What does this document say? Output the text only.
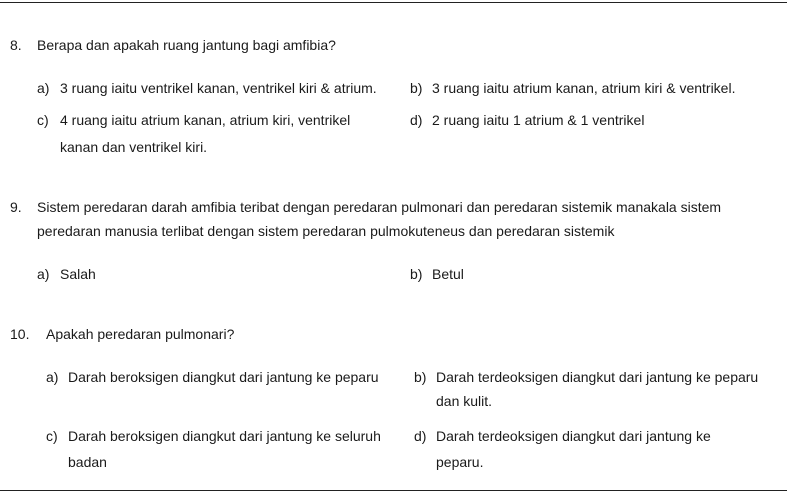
8. Berapa dan apakah ruang jantung bagi amfibia?
a) 3 ruang iaitu ventrikel kanan, ventrikel kiri & atrium. b) 3 ruang iaitu atrium kanan, atrium kiri & ventrikel.
c) 4 ruang iaitu atrium kanan, atrium kiri, ventrikel
kanan dan ventrikel kiri.
d) 2 ruang iaitu 1 atrium & 1 ventrikel
9. Sistem peredaran darah amfibia teribat dengan peredaran pulmonari dan peredaran sistemik manakala sistem
peredaran manusia terlibat dengan sistem peredaran pulmokuteneus dan peredaran sistemik
a) Salah	b) Betul
10. Apakah peredaran pulmonari?
a) Darah beroksigen diangkut dari jantung ke peparu	b) Darah terdeoksigen diangkut dari jantung ke peparu
dan kulit.
c) Darah beroksigen diangkut dari jantung ke seluruh
badan
d) Darah terdeoksigen diangkut dari jantung ke
peparu.
